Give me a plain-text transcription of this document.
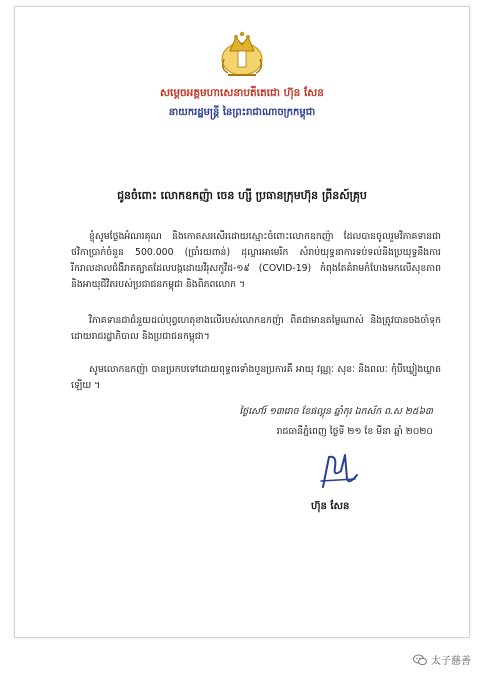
សម្តេចអគ្គមហាសេនាបតីតេជោ ហ៊ុន សែន
នាយករដ្ឋមន្ត្រី នៃព្រះរាជាណាចក្រកម្ពុជា
ជូនចំពោះ លោកឧកញ៉ា ចេន ហ្សី ប្រធានក្រុមហ៊ុន ព្រីនស៍គ្រុប
ខ្ញុំសូមថ្លែងអំណរគុណ និងកោតសរសើរដោយស្មោះចំពោះលោកឧកញ៉ា ដែលបានចូលរួមវិភាគទានជាថវិកាប្រាក់ចំនួន 500.000 (ប្រាំរយពាន់) ដុល្លារអាមេរិក សំរាប់យុទ្ធនាការទប់ទល់និងប្រយុទ្ធនឹងការរីករាលដាលជំងឺរាតត្បាតដែលបង្កដោយវីរុសកូវីដ-១៩ (COVID-19) កំពុងតែគំរាមកំហែងមកលើសុខភាព និងអាយុជីវិតរបស់ប្រជាជនកម្ពុជា និងពិភពលោក ។
វិភាគទានជាជំនួយដល់បុព្វហេតុខាងលើរបស់លោកឧកញ៉ា ពិតជាមានតម្លៃណាស់ និងត្រូវបានចងចាំទុកដោយរាជរដ្ឋាភិបាល និងប្រជាជនកម្ពុជា។
សូមលោកឧកញ៉ា បានប្រកបទៅដោយពុទ្ធពរទាំងបួនប្រការគឺ អាយុ វណ្ណៈ សុខៈ និងពលៈ កុំបីឃ្លៀងឃ្លាតឡើយ ។
ថ្ងៃសៅរ៍ ១៣រោច ខែផល្គុន ឆ្នាំកុរ ឯកស័ក ព.ស ២៥៦៣
រាជធានីភ្នំពេញ ថ្ងៃទី ២១ ខែ មីនា ឆ្នាំ ២០២០
ហ៊ុន សែន
太子慈善
